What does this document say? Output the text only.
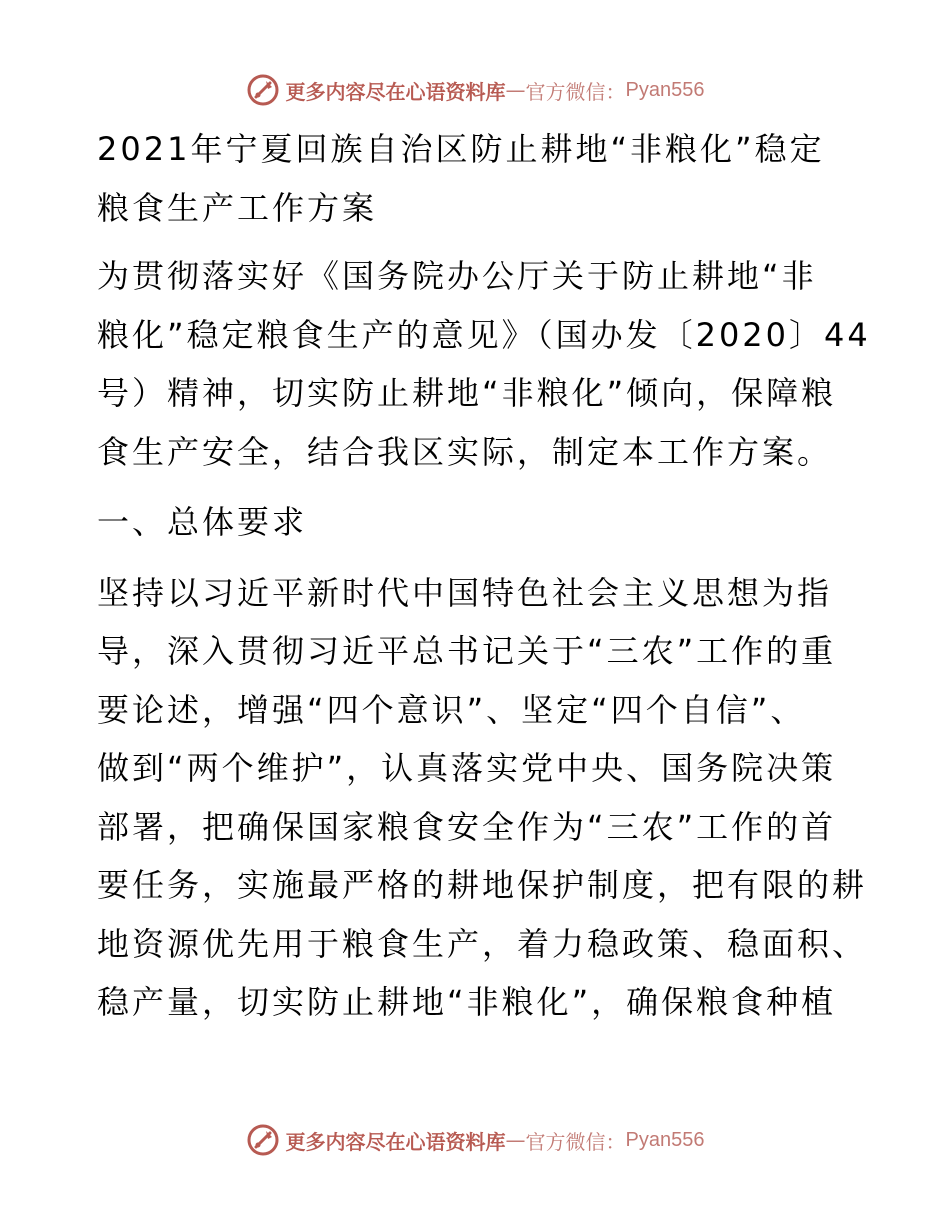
更多内容尽在心语资料库 — 官方微信： Pyan556
2021年宁夏回族自治区防止耕地“非粮化”稳定
粮食生产工作方案
为贯彻落实好《国务院办公厅关于防止耕地“非
粮化”稳定粮食生产的意见》（国办发〔2020〕44
号）精神，切实防止耕地“非粮化”倾向，保障粮
食生产安全，结合我区实际，制定本工作方案。
一、总体要求
坚持以习近平新时代中国特色社会主义思想为指
导，深入贯彻习近平总书记关于“三农”工作的重
要论述，增强“四个意识”、坚定“四个自信”、
做到“两个维护”，认真落实党中央、国务院决策
部署，把确保国家粮食安全作为“三农”工作的首
要任务，实施最严格的耕地保护制度，把有限的耕
地资源优先用于粮食生产，着力稳政策、稳面积、
稳产量，切实防止耕地“非粮化”，确保粮食种植
更多内容尽在心语资料库 — 官方微信： Pyan556
